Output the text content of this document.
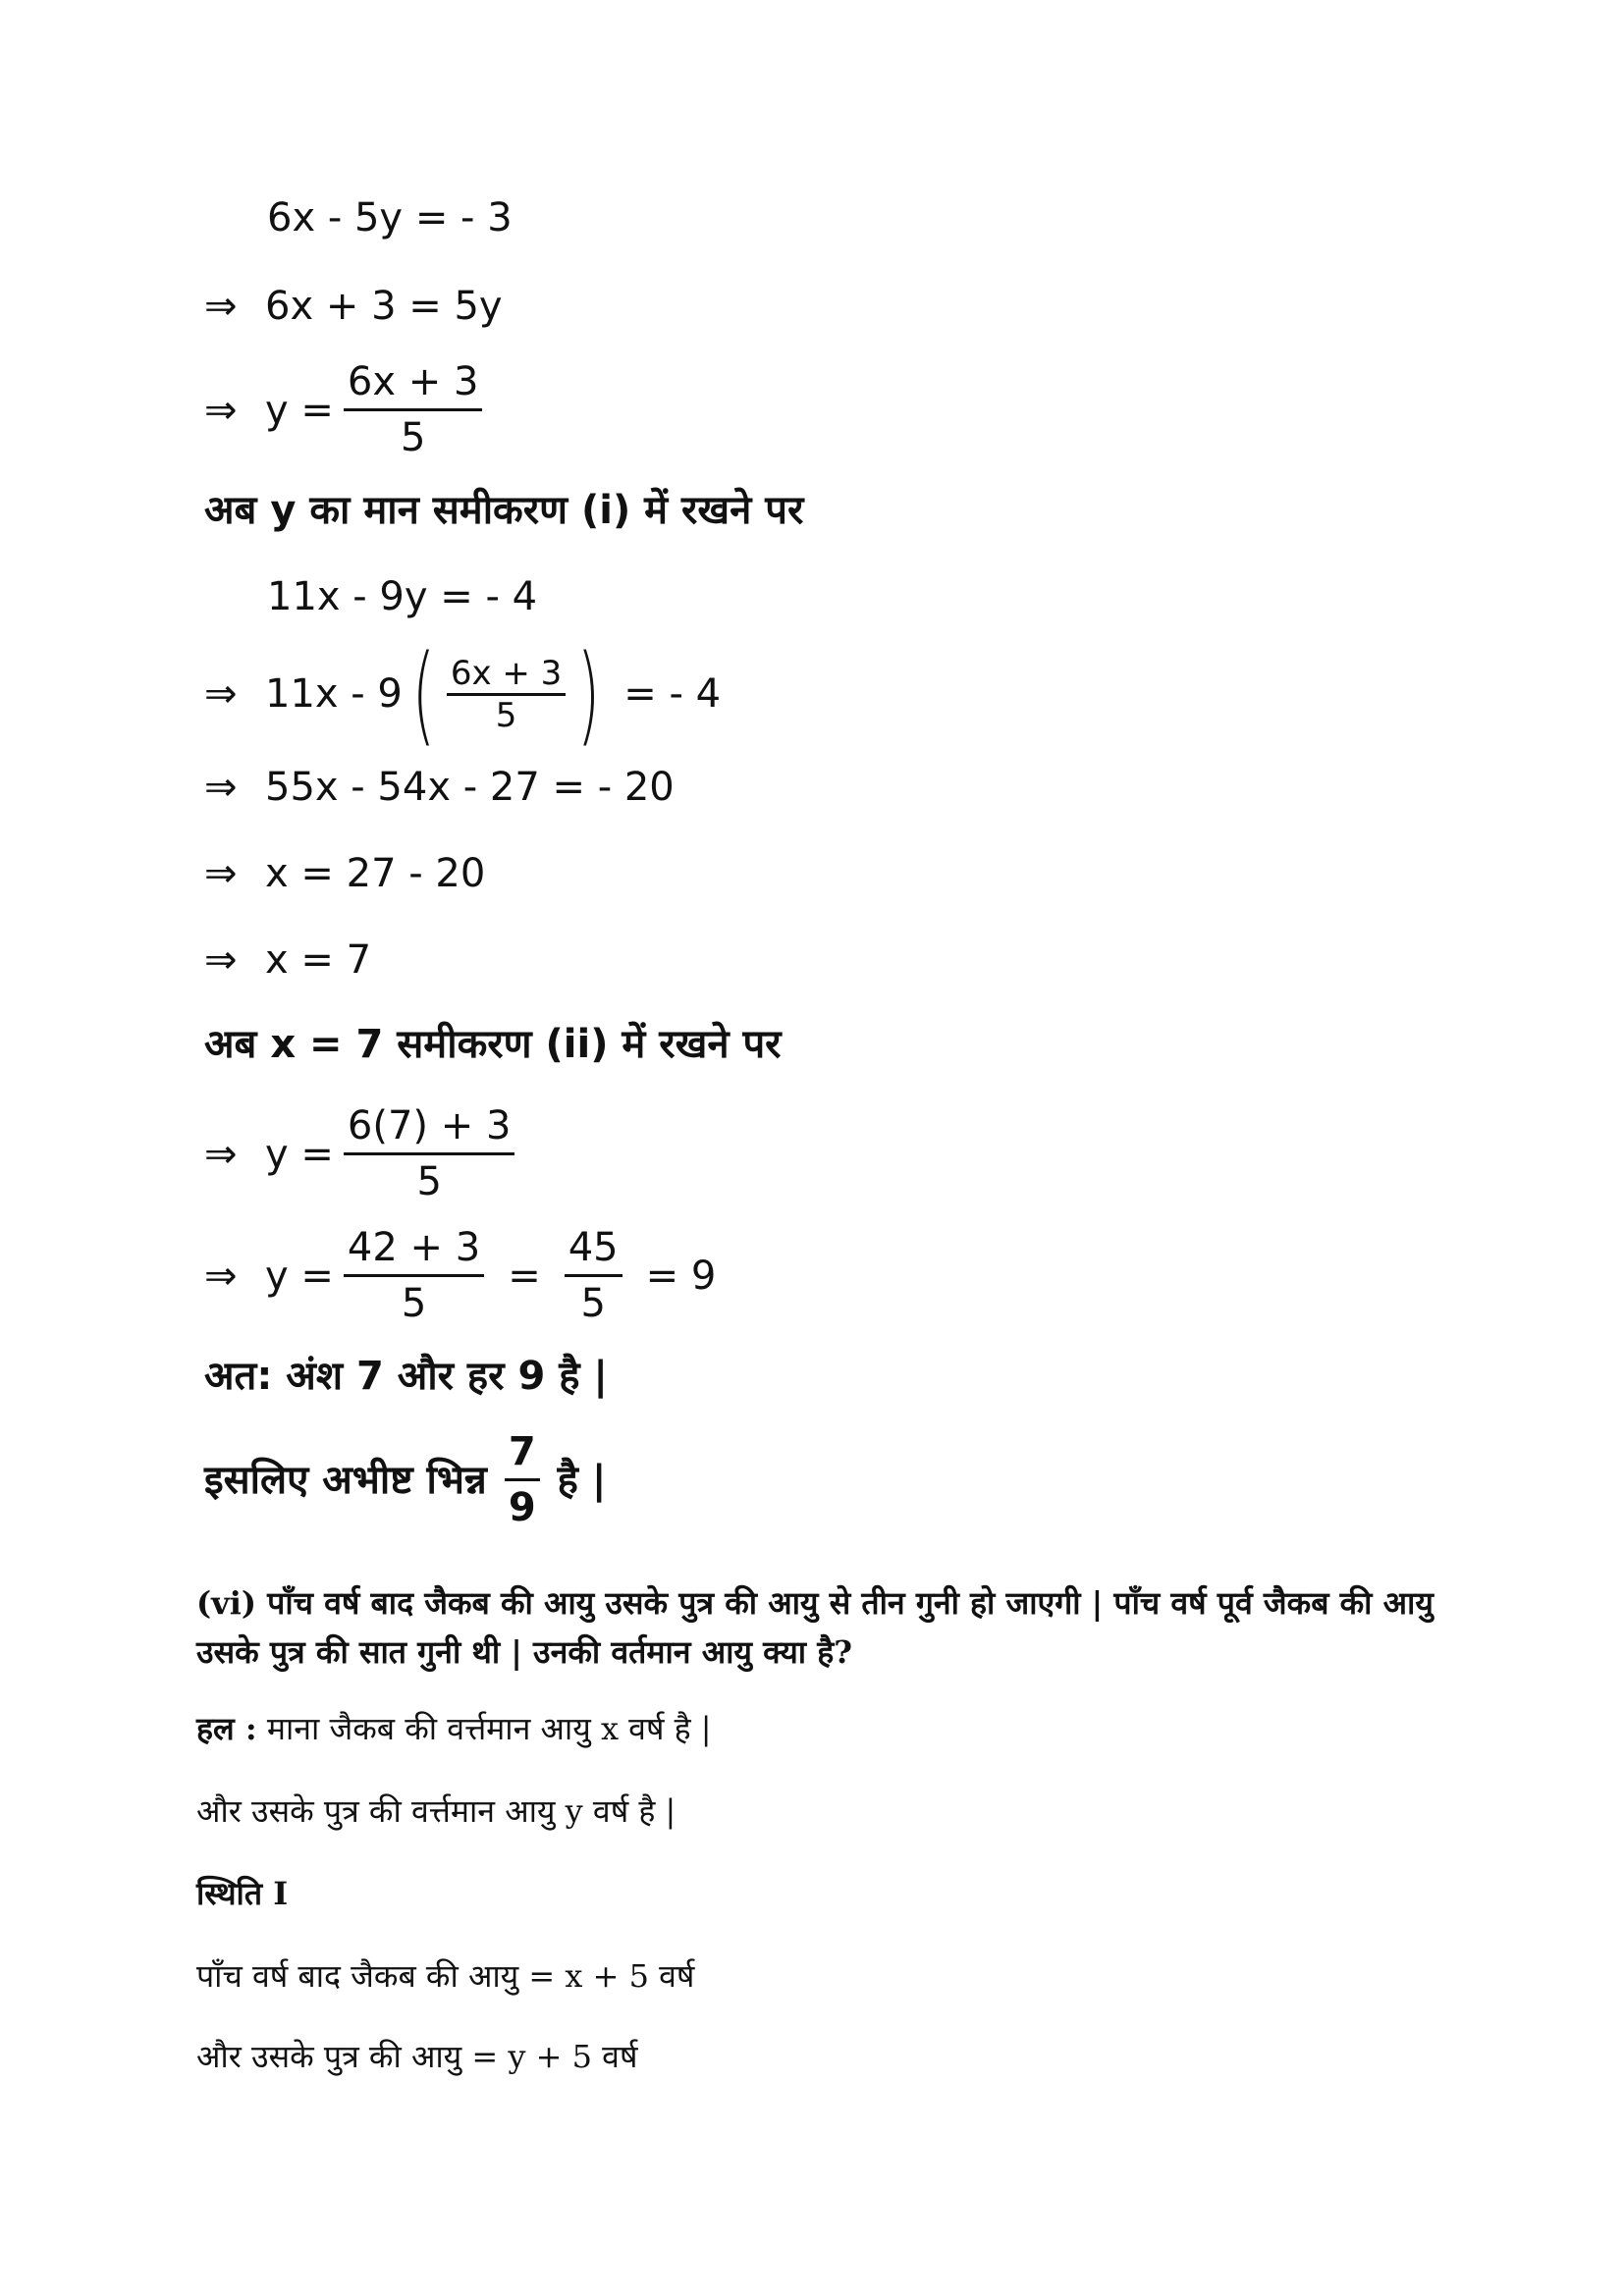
6x - 5y = - 3
⇒ 6x + 3 = 5y
⇒ $y = \frac{6x + 3}{5}$
अब y का मान समीकरण (i) में रखने पर
11x - 9y = - 4
⇒ 11x - 9 ( $\frac{6x + 3}{5}$ ) = - 4
⇒ 55x - 54x - 27 = - 20
⇒ x = 27 - 20
⇒ x = 7
अब x = 7 समीकरण (ii) में रखने पर
⇒ $y = \frac{6(7) + 3}{5}$
⇒ $y = \frac{42 + 3}{5} = \frac{45}{5} = 9$
अत: अंश 7 और हर 9 है |
इसलिए अभीष्ट भिन्न $\frac{7}{9}$ है |
(vi) पाँच वर्ष बाद जैकब की आयु उसके पुत्र की आयु से तीन गुनी हो जाएगी | पाँच वर्ष पूर्व जैकब की आयु उसके पुत्र की सात गुनी थी | उनकी वर्तमान आयु क्या है?
हल : माना जैकब की वर्त्तमान आयु x वर्ष है |
और उसके पुत्र की वर्त्तमान आयु y वर्ष है |
स्थिति I
पाँच वर्ष बाद जैकब की आयु = x + 5 वर्ष
और उसके पुत्र की आयु = y + 5 वर्ष
